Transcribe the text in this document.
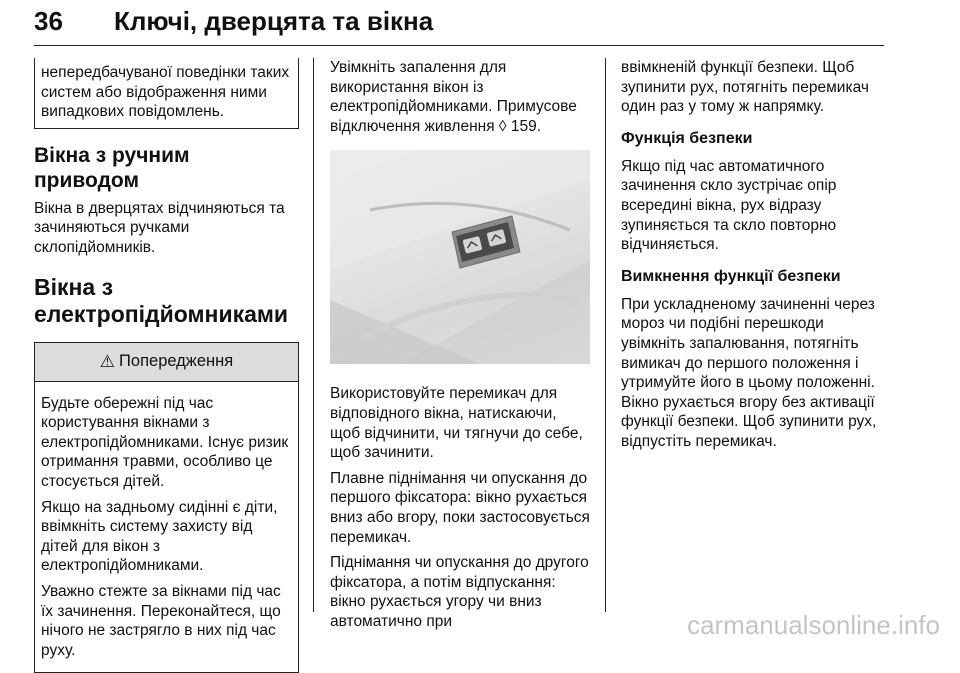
36 Ключі, дверцята та вікна

непередбачуваної поведінки таких систем або відображення ними випадкових повідомлень.

Вікна з ручним приводом

Вікна в дверцятах відчиняються та зачиняються ручками склопідйомників.

Вікна з електропідйомниками
⚠ Попередження

Будьте обережні під час користування вікнами з електропідйомниками. Існує ризик отримання травми, особливо це стосується дітей.

Якщо на задньому сидінні є діти, ввімкніть систему захисту від дітей для вікон з електропідйомниками.

Уважно стежте за вікнами під час їх зачинення. Переконайтеся, що нічого не застрягло в них під час руху.

Увімкніть запалення для використання вікон із електропідйомниками. Примусове відключення живлення ◊ 159.

Використовуйте перемикач для відповідного вікна, натискаючи, щоб відчинити, чи тягнучи до себе, щоб зачинити.

Плавне піднімання чи опускання до першого фіксатора: вікно рухається вниз або вгору, поки застосовується перемикач.

Піднімання чи опускання до другого фіксатора, а потім відпускання: вікно рухається угору чи вниз автоматично при

ввімкненій функції безпеки. Щоб зупинити рух, потягніть перемикач один раз у тому ж напрямку.

Функція безпеки

Якщо під час автоматичного зачинення скло зустрічає опір всередині вікна, рух відразу зупиняється та скло повторно відчиняється.

Вимкнення функції безпеки

При ускладненому зачиненні через мороз чи подібні перешкоди увімкніть запалювання, потягніть вимикач до першого положення і утримуйте його в цьому положенні. Вікно рухається вгору без активації функції безпеки. Щоб зупинити рух, відпустіть перемикач.

carmanualsonline.info
